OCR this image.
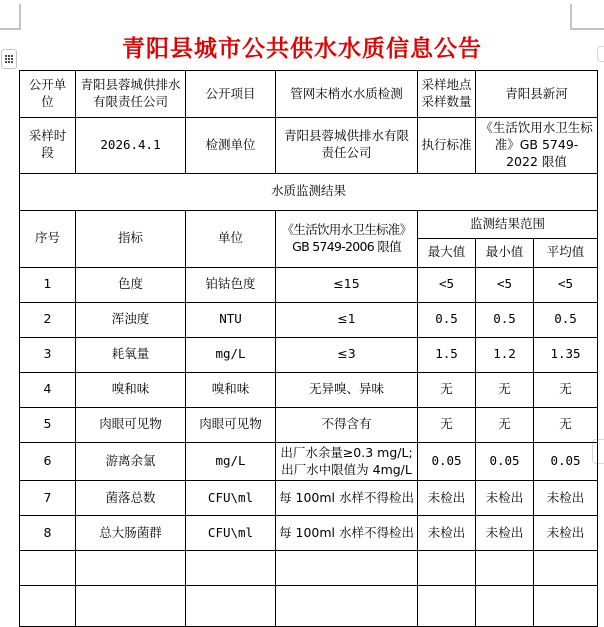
青阳县城市公共供水水质信息公告
公开单位	青阳县蓉城供排水有限责任公司	公开项目	管网末梢水水质检测	采样地点采样数量	青阳县新河	
采样时段	2026.4.1	检测单位	青阳县蓉城供排水有限责任公司	执行标准	《生活饮用水卫生标准》GB 5749-2022 限值	
水质监测结果						
序号	指标	单位	《生活饮用水卫生标准》 GB 5749-2006 限值	监测结果范围		
				最大值	最小值	平均值
1	色度	铂钴色度	≤15	<5	<5	<5
2	浑浊度	NTU	≤1	0.5	0.5	0.5
3	耗氧量	mg/L	≤3	1.5	1.2	1.35
4	嗅和味	嗅和味	无异嗅、异味	无	无	无
5	肉眼可见物	肉眼可见物	不得含有	无	无	无
6	游离余氯	mg/L	出厂水余量≥0.3 mg/L; 出厂水中限值为 4mg/L	0.05	0.05	0.05
7	菌落总数	CFU\ml	每 100ml 水样不得检出	未检出	未检出	未检出
8	总大肠菌群	CFU\ml	每 100ml 水样不得检出	未检出	未检出	未检出
